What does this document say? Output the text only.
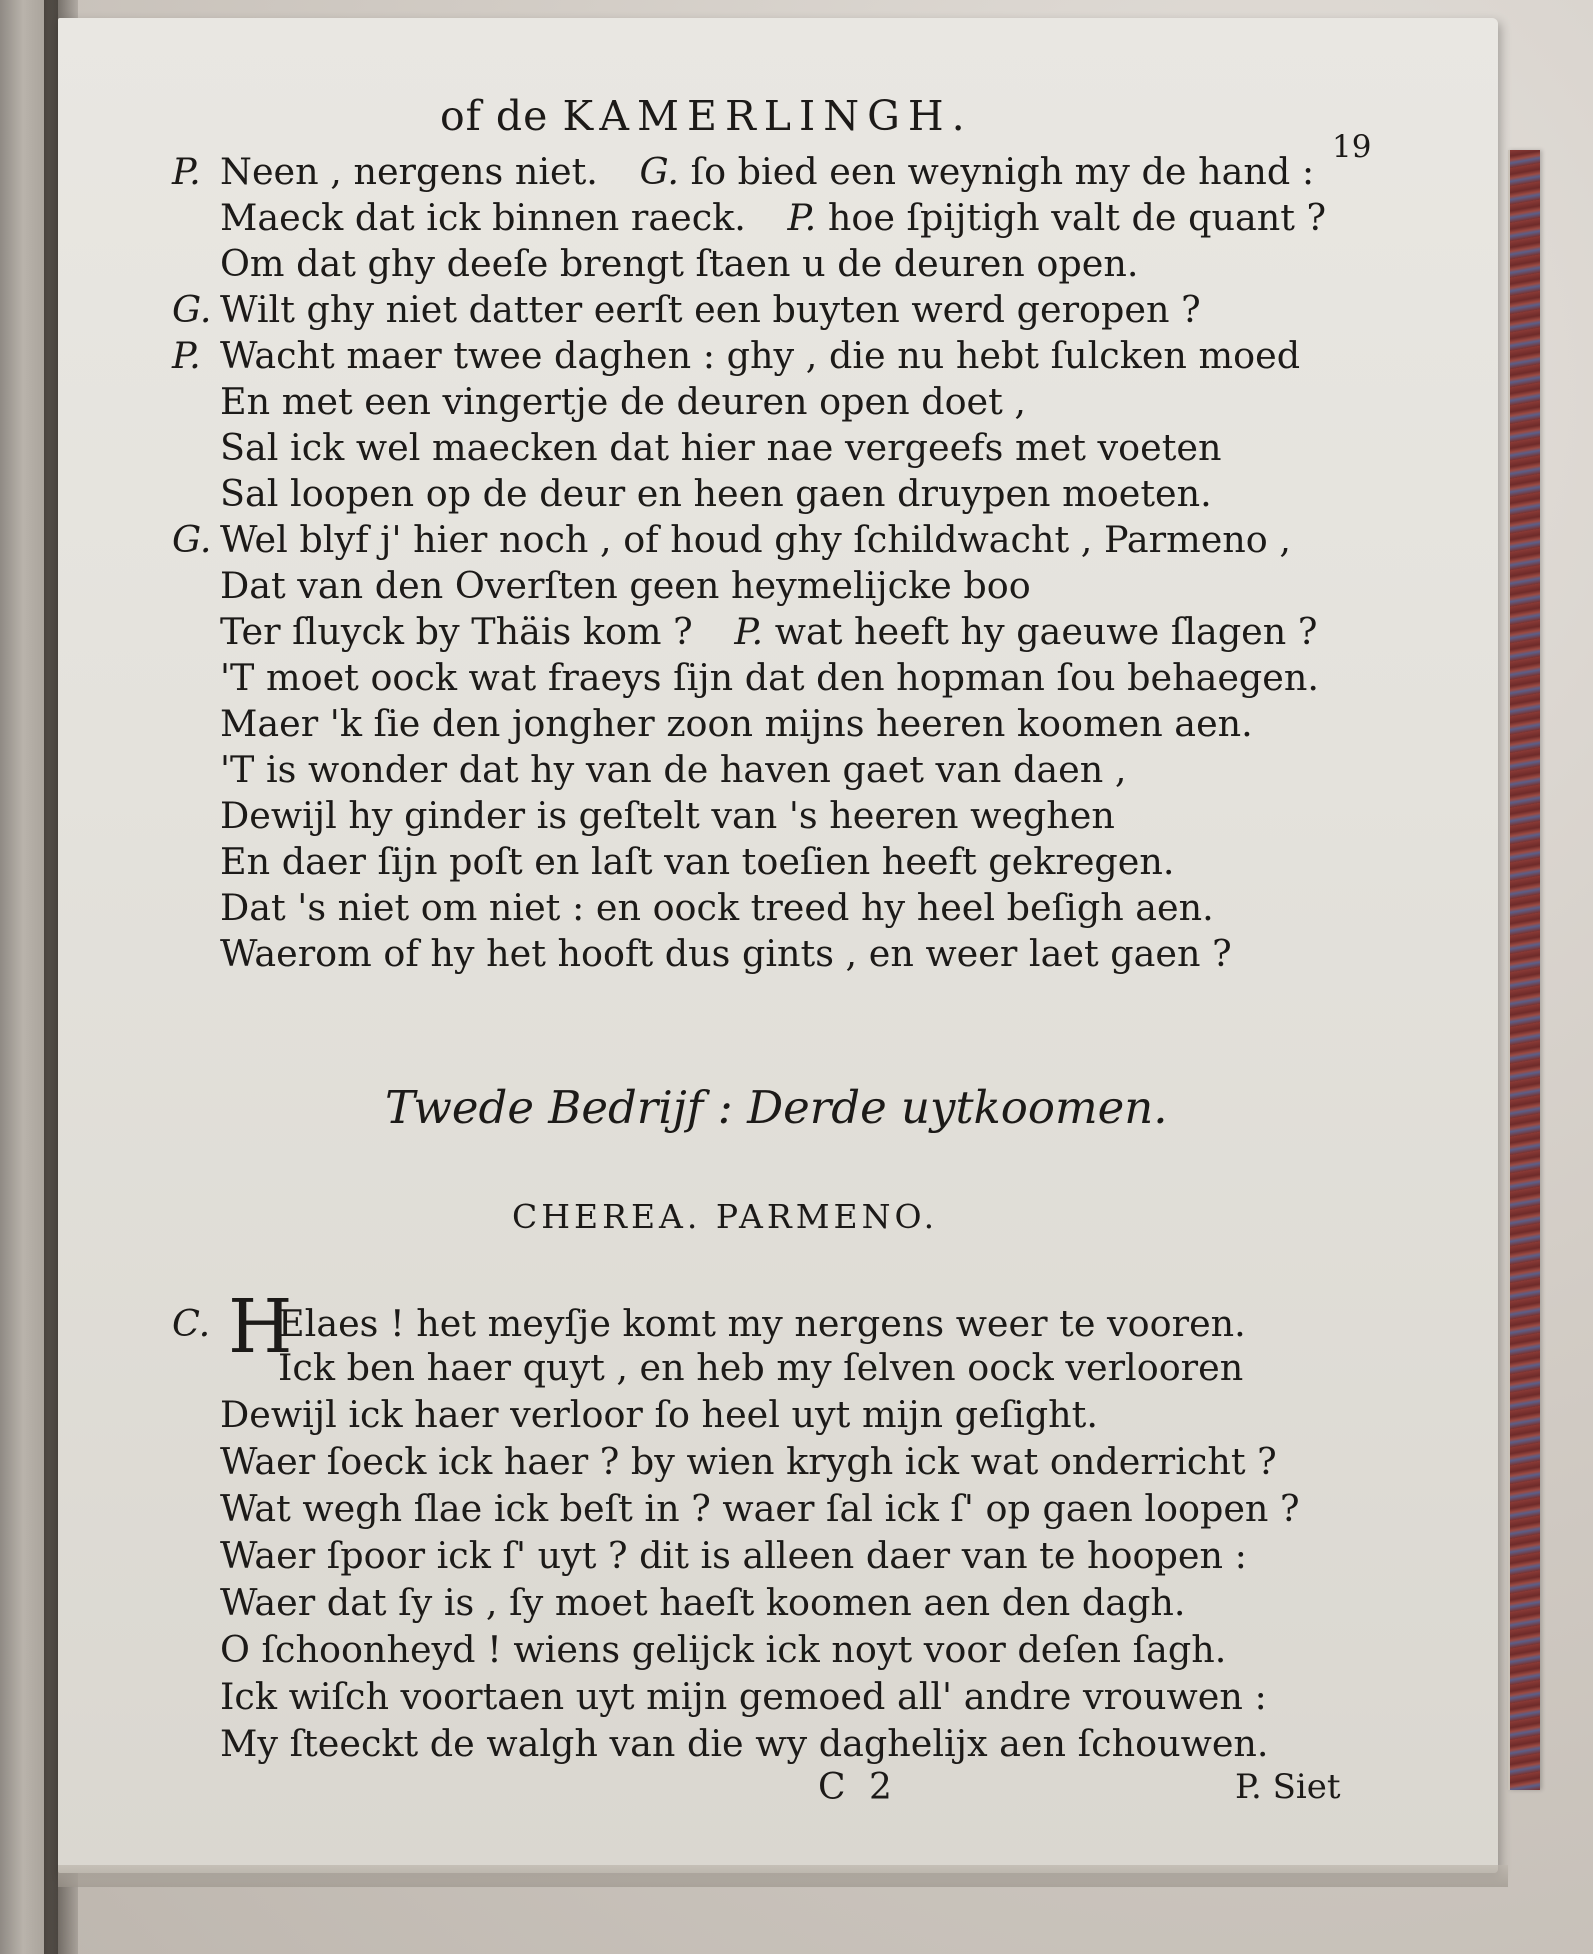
of de KAMERLINGH.
19
P. Neen , nergens niet. G. ſo bied een weynigh my de hand :
Maeck dat ick binnen raeck. P. hoe ſpijtigh valt de quant ?
Om dat ghy deeſe brengt ſtaen u de deuren open.
G. Wilt ghy niet datter eerſt een buyten werd geropen ?
P. Wacht maer twee daghen : ghy , die nu hebt ſulcken moed
En met een vingertje de deuren open doet ,
Sal ick wel maecken dat hier nae vergeefs met voeten
Sal loopen op de deur en heen gaen druypen moeten.
G. Wel blyf j' hier noch , of houd ghy ſchildwacht , Parmeno ,
Dat van den Overſten geen heymelijcke boo
Ter ſluyck by Thäis kom ? P. wat heeft hy gaeuwe ſlagen ?
'T moet oock wat fraeys ſijn dat den hopman ſou behaegen.
Maer 'k ſie den jongher zoon mijns heeren koomen aen.
'T is wonder dat hy van de haven gaet van daen ,
Dewijl hy ginder is geſtelt van 's heeren weghen
En daer ſijn poſt en laſt van toeſien heeft gekregen.
Dat 's niet om niet : en oock treed hy heel beſigh aen.
Waerom of hy het hooft dus gints , en weer laet gaen ?
Twede Bedrijf : Derde uytkoomen.
CHEREA. PARMENO.
H
C. Elaes ! het meyſje komt my nergens weer te vooren.
Ick ben haer quyt , en heb my ſelven oock verlooren
Dewijl ick haer verloor ſo heel uyt mijn geſight.
Waer ſoeck ick haer ? by wien krygh ick wat onderricht ?
Wat wegh ſlae ick beſt in ? waer ſal ick ſ' op gaen loopen ?
Waer ſpoor ick ſ' uyt ? dit is alleen daer van te hoopen :
Waer dat ſy is , ſy moet haeſt koomen aen den dagh.
O ſchoonheyd ! wiens gelijck ick noyt voor deſen ſagh.
Ick wiſch voortaen uyt mijn gemoed all' andre vrouwen :
My ſteeckt de walgh van die wy daghelijx aen ſchouwen.
C 2	P. Siet
